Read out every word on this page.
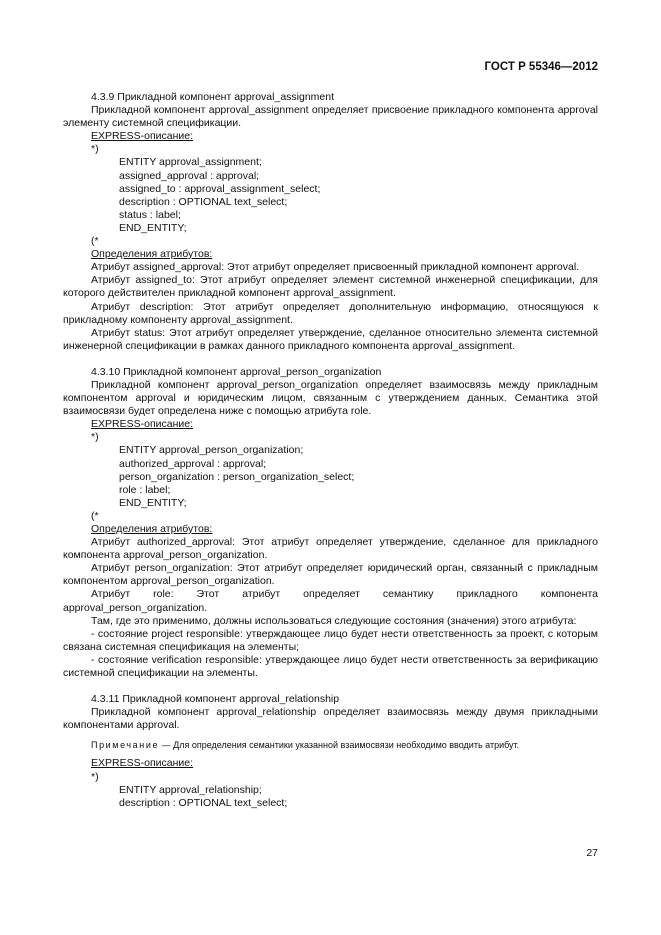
ГОСТ Р 55346—2012

4.3.9 Прикладной компонент approval_assignment

Прикладной компонент approval_assignment определяет присвоение прикладного компонента approval элементу системной спецификации.

EXPRESS-описание:

*)

ENTITY approval_assignment;

assigned_approval : approval;

assigned_to : approval_assignment_select;

description : OPTIONAL text_select;

status : label;

END_ENTITY;

(*

Определения атрибутов:

Атрибут assigned_approval: Этот атрибут определяет присвоенный прикладной компонент approval.

Атрибут assigned_to: Этот атрибут определяет элемент системной инженерной спецификации, для которого действителен прикладной компонент approval_assignment.

Атрибут description: Этот атрибут определяет дополнительную информацию, относящуюся к прикладному компоненту approval_assignment.

Атрибут status: Этот атрибут определяет утверждение, сделанное относительно элемента системной инженерной спецификации в рамках данного прикладного компонента approval_assignment.

4.3.10 Прикладной компонент approval_person_organization

Прикладной компонент approval_person_organization определяет взаимосвязь между прикладным компонентом approval и юридическим лицом, связанным с утверждением данных. Семантика этой взаимосвязи будет определена ниже с помощью атрибута role.

EXPRESS-описание:

*)

ENTITY approval_person_organization;

authorized_approval : approval;

person_organization : person_organization_select;

role : label;

END_ENTITY;

(*

Определения атрибутов:

Атрибут authorized_approval: Этот атрибут определяет утверждение, сделанное для прикладного компонента approval_person_organization.

Атрибут person_organization: Этот атрибут определяет юридический орган, связанный с прикладным компонентом approval_person_organization.

Атрибут role: Этот атрибут определяет семантику прикладного компонента approval_person_organization.

Там, где это применимо, должны использоваться следующие состояния (значения) этого атрибута:

- состояние project responsible: утверждающее лицо будет нести ответственность за проект, с которым связана системная спецификация на элементы;

- состояние verification responsible: утверждающее лицо будет нести ответственность за верификацию системной спецификации на элементы.

4.3.11 Прикладной компонент approval_relationship

Прикладной компонент approval_relationship определяет взаимосвязь между двумя прикладными компонентами approval.

Примечание — Для определения семантики указанной взаимосвязи необходимо вводить атрибут.

EXPRESS-описание:

*)

ENTITY approval_relationship;

description : OPTIONAL text_select;

27
